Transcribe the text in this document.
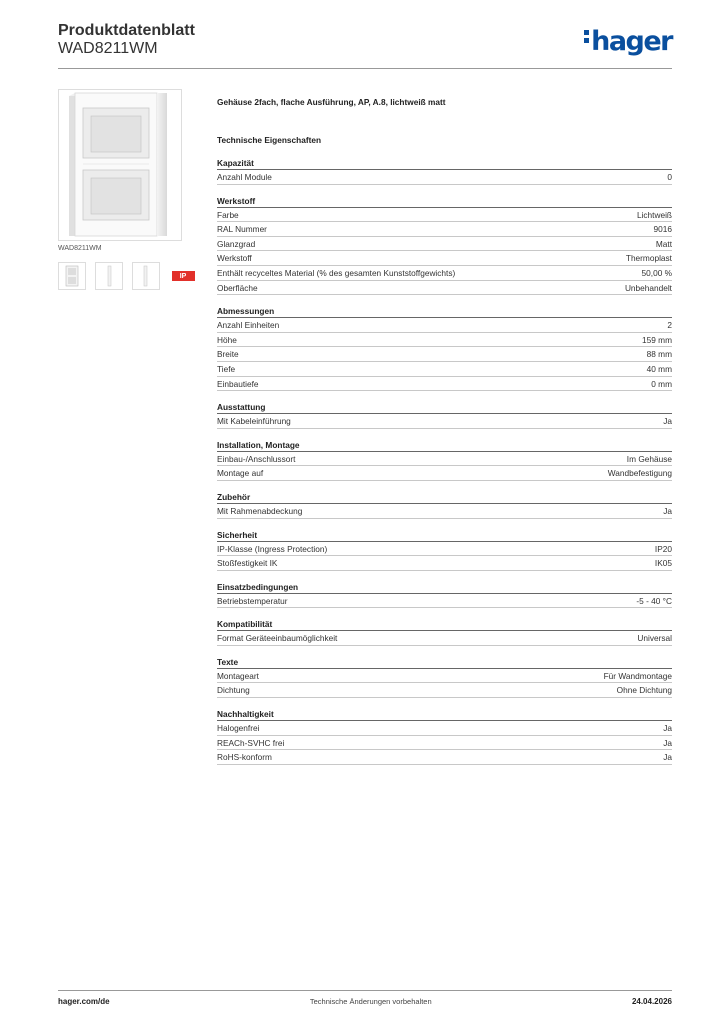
Produktdatenblatt
WAD8211WM	hager
WAD8211WM
IP
Gehäuse 2fach, flache Ausführung, AP, A.8, lichtweiß matt
Technische Eigenschaften
Kapazität
Anzahl Module	0
Werkstoff
Farbe	Lichtweiß
RAL Nummer	9016
Glanzgrad	Matt
Werkstoff	Thermoplast
Enthält recyceltes Material (% des gesamten Kunststoffgewichts)	50,00 %
Oberfläche	Unbehandelt
Abmessungen
Anzahl Einheiten	2
Höhe	159 mm
Breite	88 mm
Tiefe	40 mm
Einbautiefe	0 mm
Ausstattung
Mit Kabeleinführung	Ja
Installation, Montage
Einbau-/Anschlussort	Im Gehäuse
Montage auf	Wandbefestigung
Zubehör
Mit Rahmenabdeckung	Ja
Sicherheit
IP-Klasse (Ingress Protection)	IP20
Stoßfestigkeit IK	IK05
Einsatzbedingungen
Betriebstemperatur	-5 - 40 °C
Kompatibilität
Format Geräteeinbaumöglichkeit	Universal
Texte
Montageart	Für Wandmontage
Dichtung	Ohne Dichtung
Nachhaltigkeit
Halogenfrei	Ja
REACh-SVHC frei	Ja
RoHS-konform	Ja
hager.com/de	Technische Änderungen vorbehalten	24.04.2026
